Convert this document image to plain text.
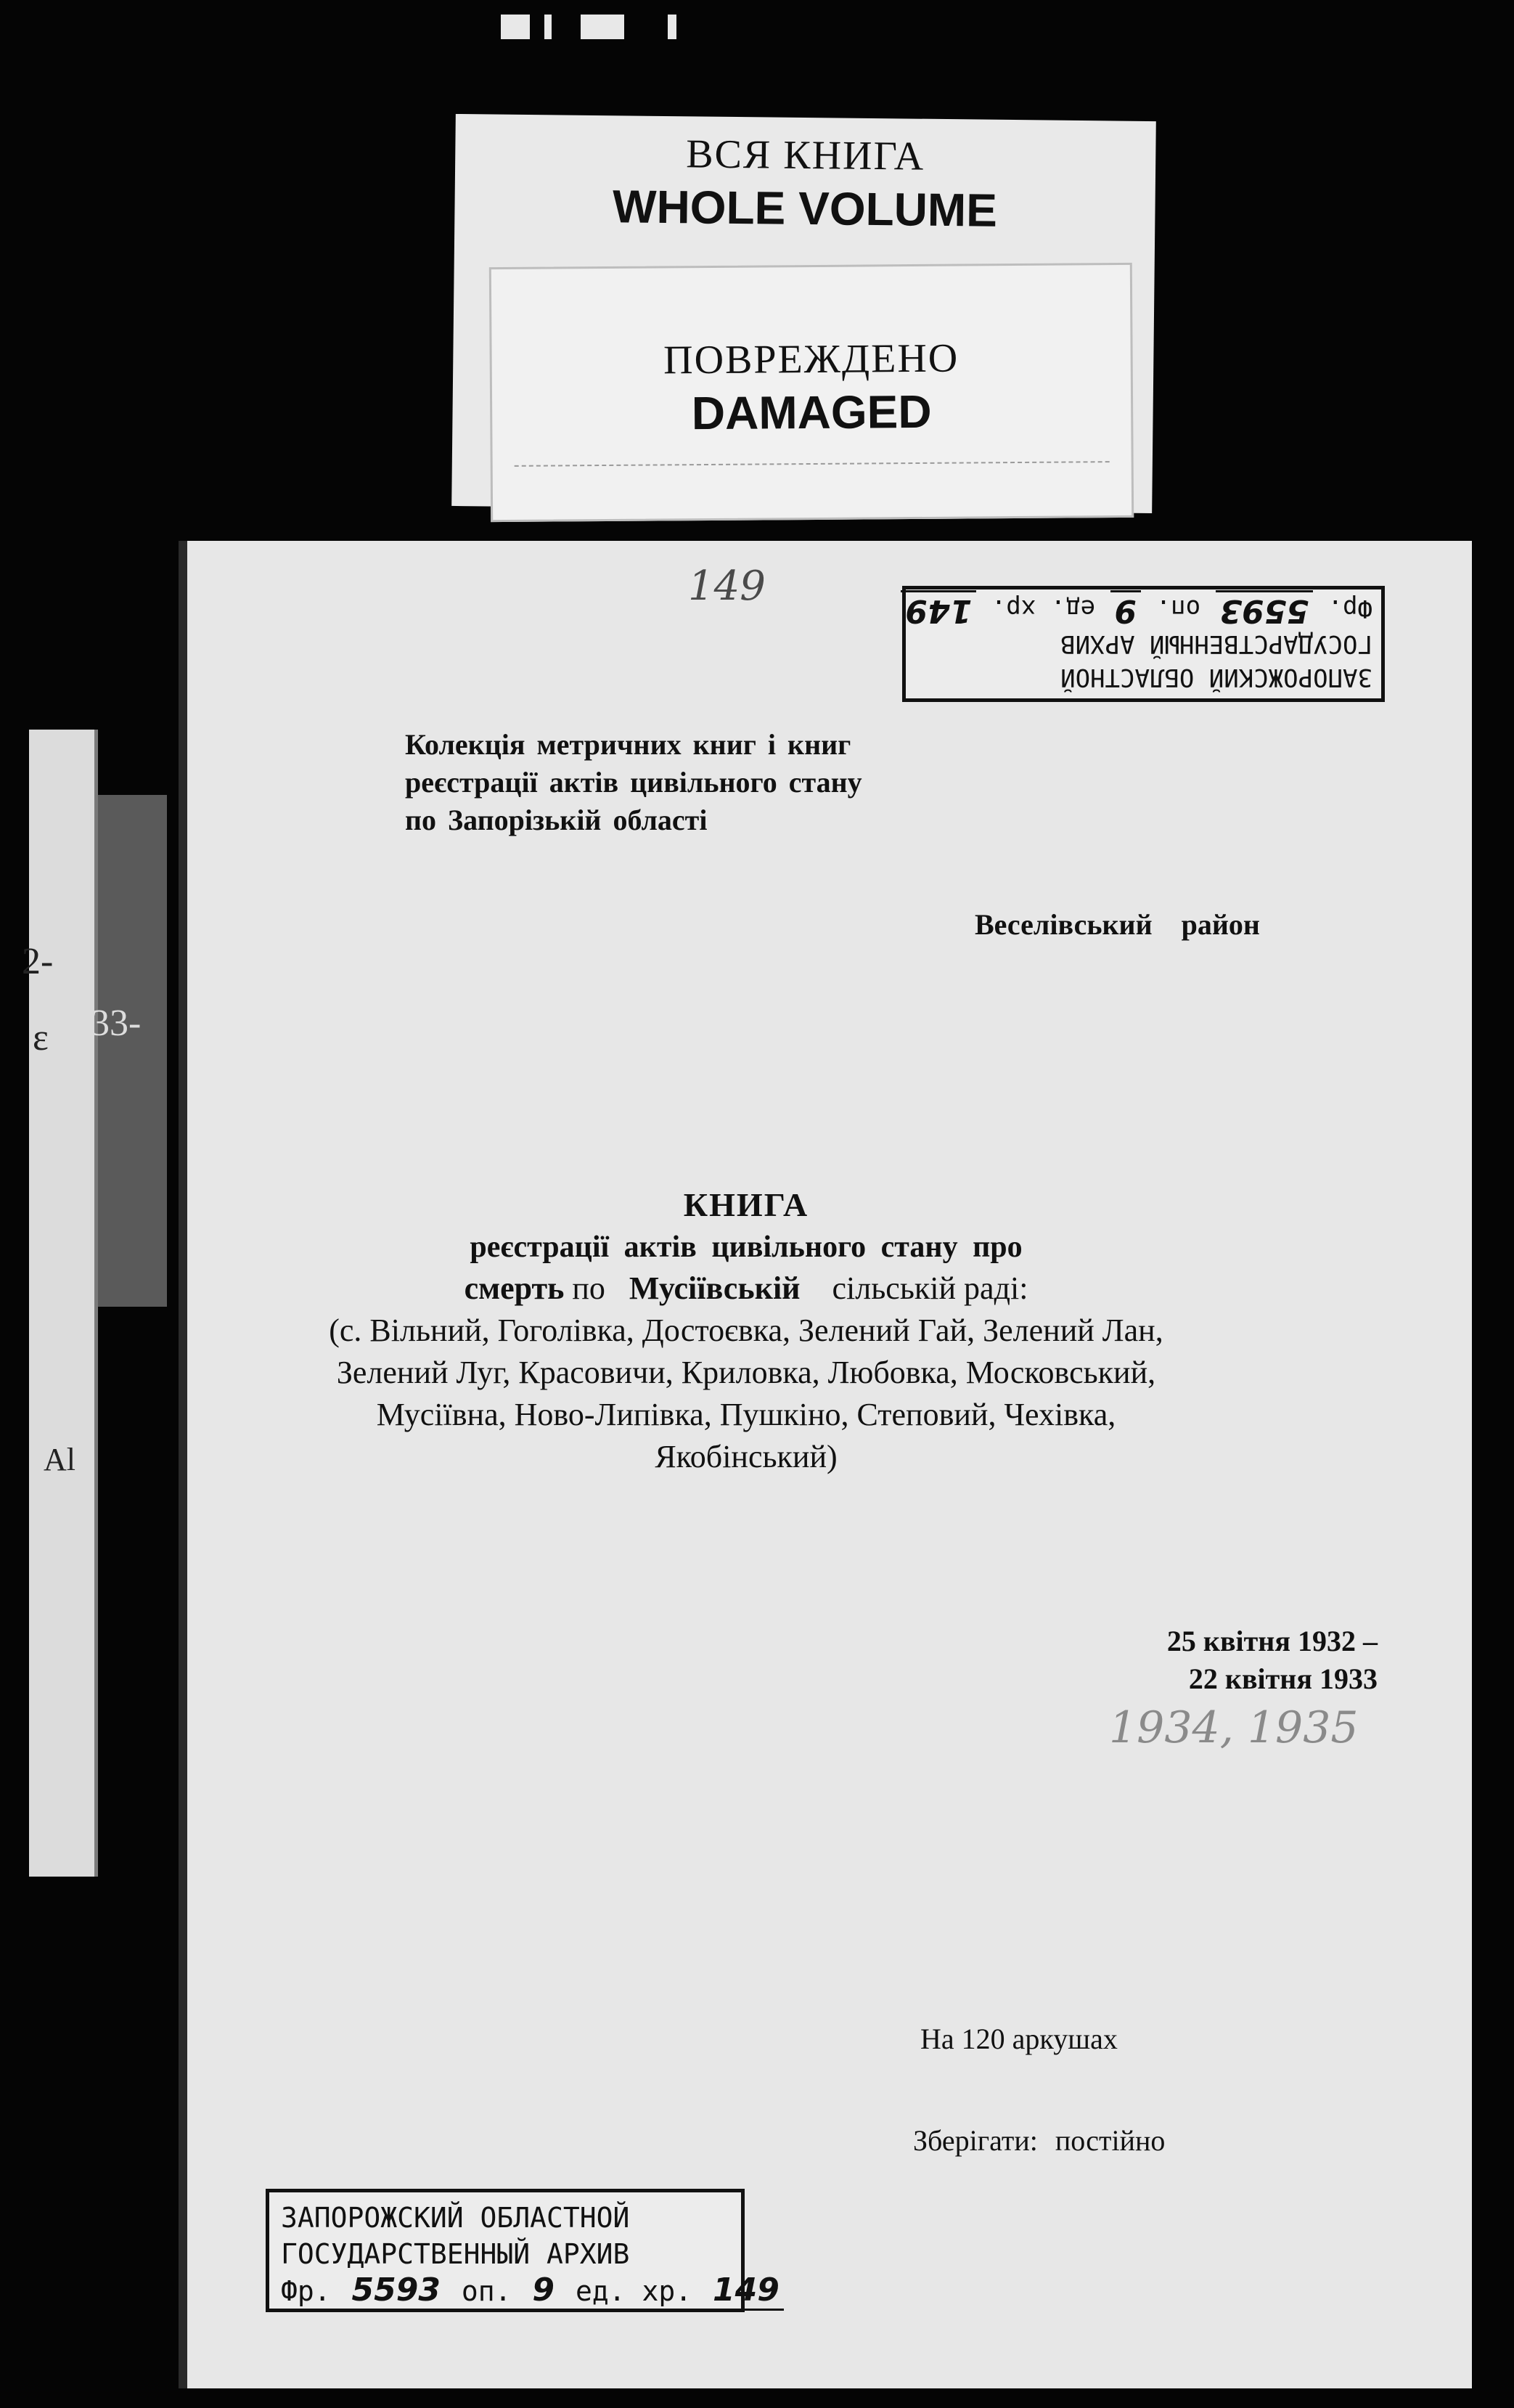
ВСЯ КНИГА
WHOLE VOLUME
ПОВРЕЖДЕНО
DAMAGED
2-
33-
ε
Al
149
ЗАПОРОЖСКИЙ ОБЛАСТНОЙ
ГОСУДАРСТВЕННЫЙ АРХИВ
Фр. 5593 оп. 9 ед. хр. 149
Колекція метричних книг і книг
реєстрації актів цивільного стану
по Запорізькій області
Веселівський район
КНИГА
реєстрації актів цивільного стану про
смерть по Мусіївській сільській раді:
(с. Вільний, Гоголівка, Достоєвка, Зелений Гай, Зелений Лан,
Зелений Луг, Красовичи, Криловка, Любовка, Московський,
Мусіївна, Ново-Липівка, Пушкіно, Степовий, Чехівка,
Якобінський)
25 квітня 1932 –
22 квітня 1933
1934, 1935
На 120 аркушах
Зберігати: постійно
ЗАПОРОЖСКИЙ ОБЛАСТНОЙ
ГОСУДАРСТВЕННЫЙ АРХИВ
Фр. 5593 оп. 9 ед. хр. 149
